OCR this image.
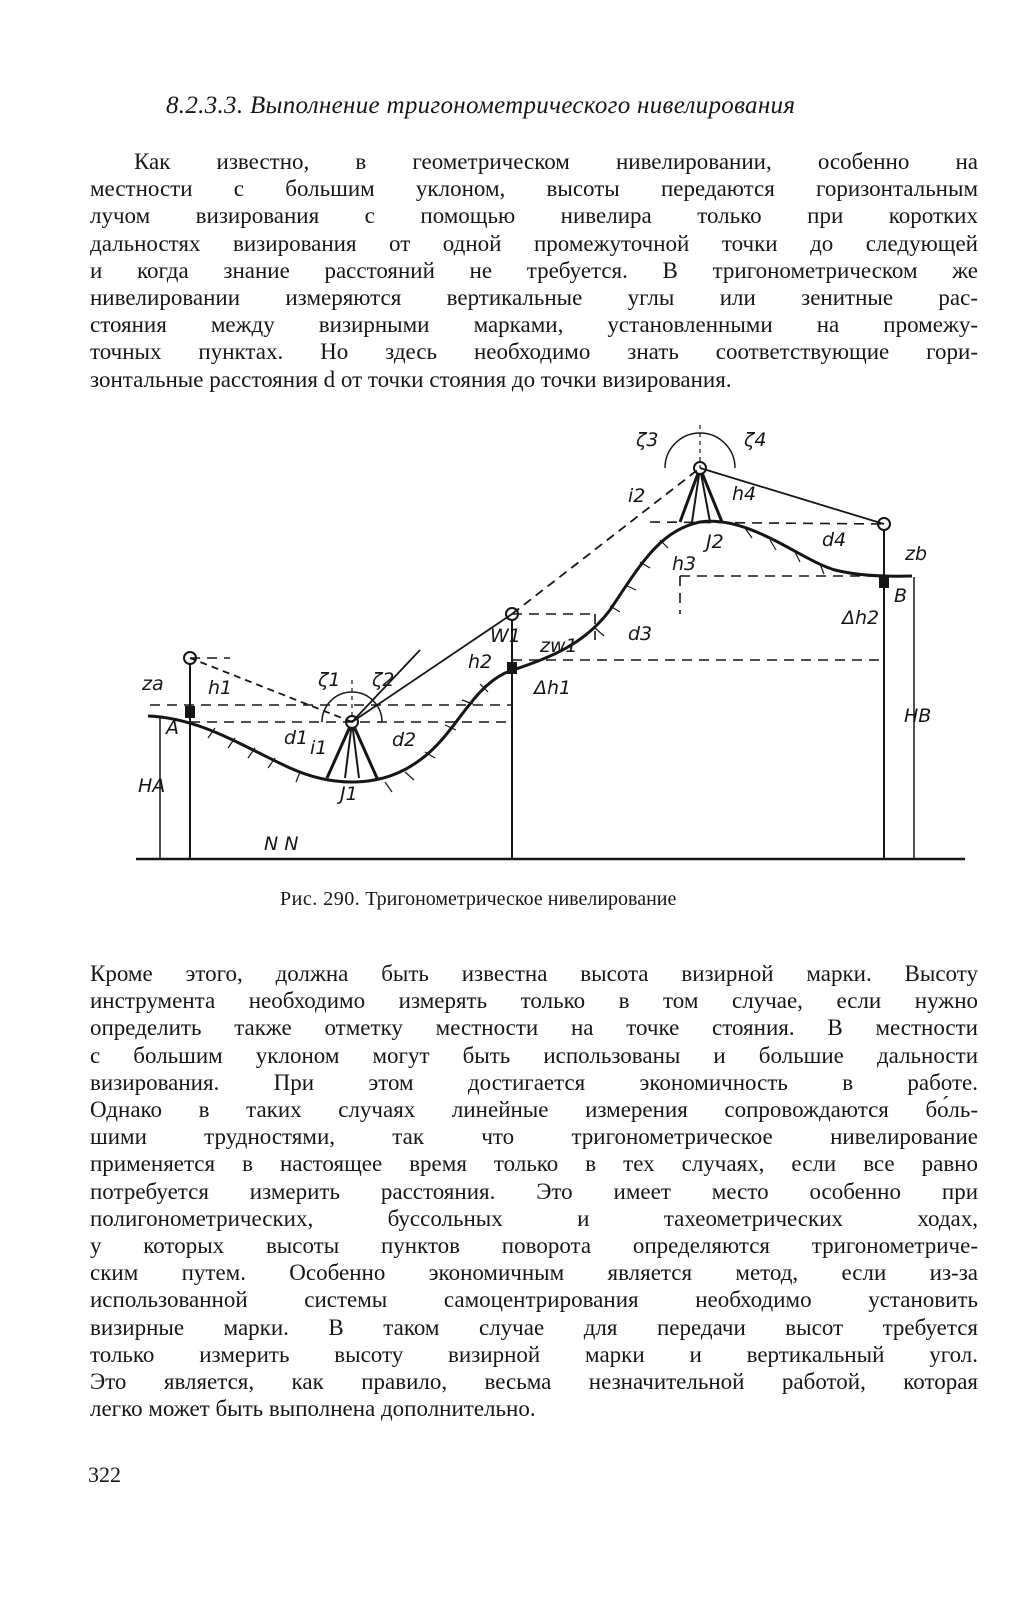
8.2.3.3. Выполнение тригонометрического нивелирования
Как известно, в геометрическом нивелировании, особенно на
местности с большим уклоном, высоты передаются горизонтальным
лучом визирования с помощью нивелира только при коротких
дальностях визирования от одной промежуточной точки до следующей
и когда знание расстояний не требуется. В тригонометрическом же
нивелировании измеряются вертикальные углы или зенитные рас-
стояния между визирными марками, установленными на промежу-
точных пунктах. Но здесь необходимо знать соответствующие гори-
зонтальные расстояния d от точки стояния до точки визирования.
ζ1 ζ2
ζ3	ζ4
za
zb
zw1
h1
h2
h3
h4
d1	d2
d3
d4
i1
i2
J1
J2
W1
Δh1
Δh2
A
B
HA
HB
N N
Рис. 290. Тригонометрическое нивелирование
Кроме этого, должна быть известна высота визирной марки. Высоту
инструмента необходимо измерять только в том случае, если нужно
определить также отметку местности на точке стояния. В местности
с большим уклоном могут быть использованы и большие дальности
визирования. При этом достигается экономичность в работе.
Однако в таких случаях линейные измерения сопровождаются бо́ль-
шими трудностями, так что тригонометрическое нивелирование
применяется в настоящее время только в тех случаях, если все равно
потребуется измерить расстояния. Это имеет место особенно при
полигонометрических, буссольных и тахеометрических ходах,
у которых высоты пунктов поворота определяются тригонометриче-
ским путем. Особенно экономичным является метод, если из-за
использованной системы самоцентрирования необходимо установить
визирные марки. В таком случае для передачи высот требуется
только измерить высоту визирной марки и вертикальный угол.
Это является, как правило, весьма незначительной работой, которая
легко может быть выполнена дополнительно.
322
